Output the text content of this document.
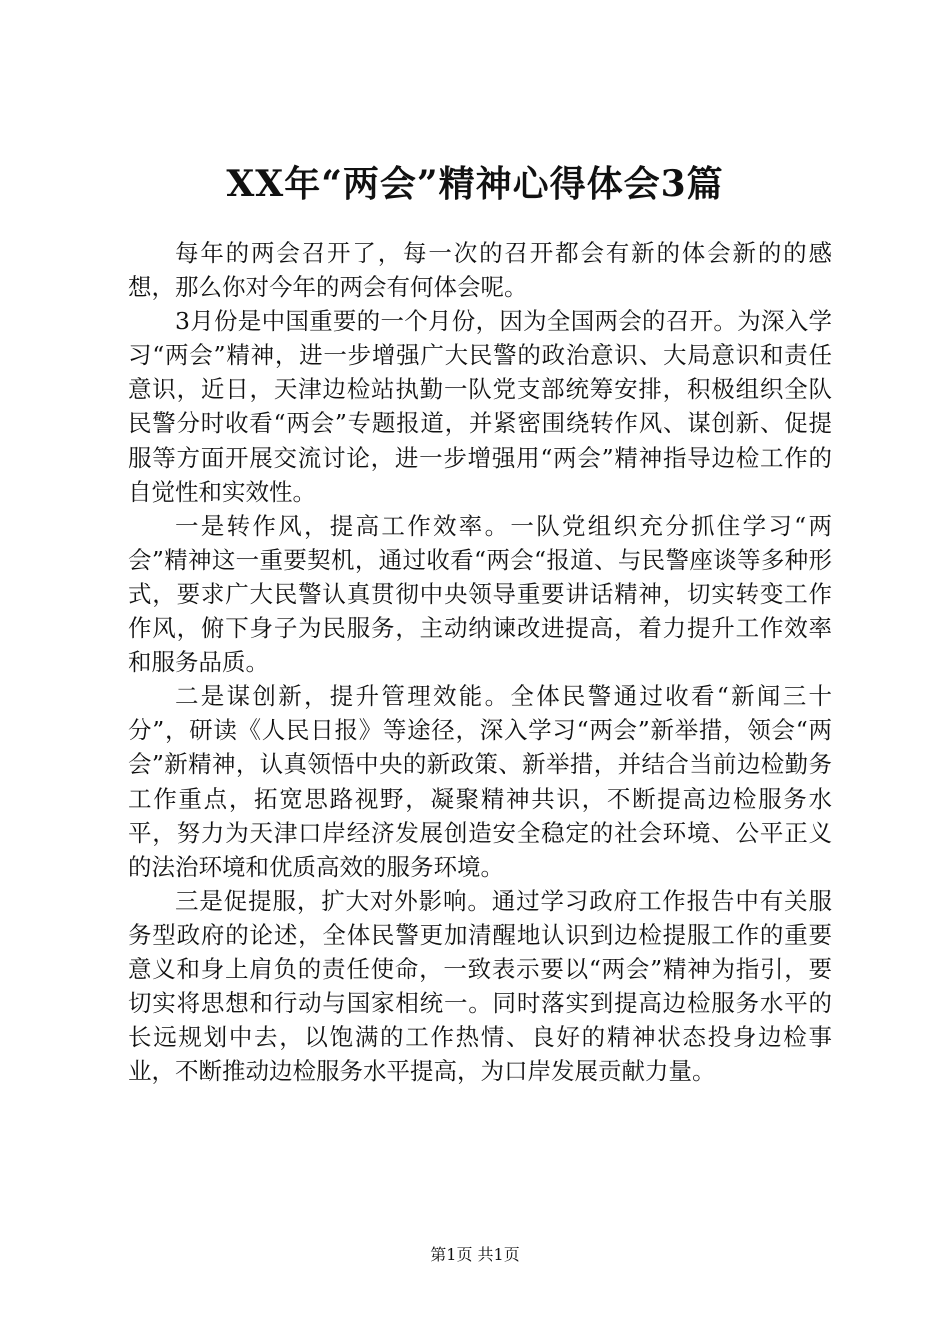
XX年“两会”精神心得体会3篇

每年的两会召开了，每一次的召开都会有新的体会新的的感想，那么你对今年的两会有何体会呢。

3月份是中国重要的一个月份，因为全国两会的召开。为深入学习“两会”精神，进一步增强广大民警的政治意识、大局意识和责任意识，近日，天津边检站执勤一队党支部统筹安排，积极组织全队民警分时收看“两会”专题报道，并紧密围绕转作风、谋创新、促提服等方面开展交流讨论，进一步增强用“两会”精神指导边检工作的自觉性和实效性。

一是转作风，提高工作效率。一队党组织充分抓住学习“两会”精神这一重要契机，通过收看“两会“报道、与民警座谈等多种形式，要求广大民警认真贯彻中央领导重要讲话精神，切实转变工作作风，俯下身子为民服务，主动纳谏改进提高，着力提升工作效率和服务品质。

二是谋创新，提升管理效能。全体民警通过收看“新闻三十分”，研读《人民日报》等途径，深入学习“两会”新举措，领会“两会”新精神，认真领悟中央的新政策、新举措，并结合当前边检勤务工作重点，拓宽思路视野，凝聚精神共识，不断提高边检服务水平，努力为天津口岸经济发展创造安全稳定的社会环境、公平正义的法治环境和优质高效的服务环境。

三是促提服，扩大对外影响。通过学习政府工作报告中有关服务型政府的论述，全体民警更加清醒地认识到边检提服工作的重要意义和身上肩负的责任使命，一致表示要以“两会”精神为指引，要切实将思想和行动与国家相统一。同时落实到提高边检服务水平的长远规划中去，以饱满的工作热情、良好的精神状态投身边检事业，不断推动边检服务水平提高，为口岸发展贡献力量。

第1页 共1页
